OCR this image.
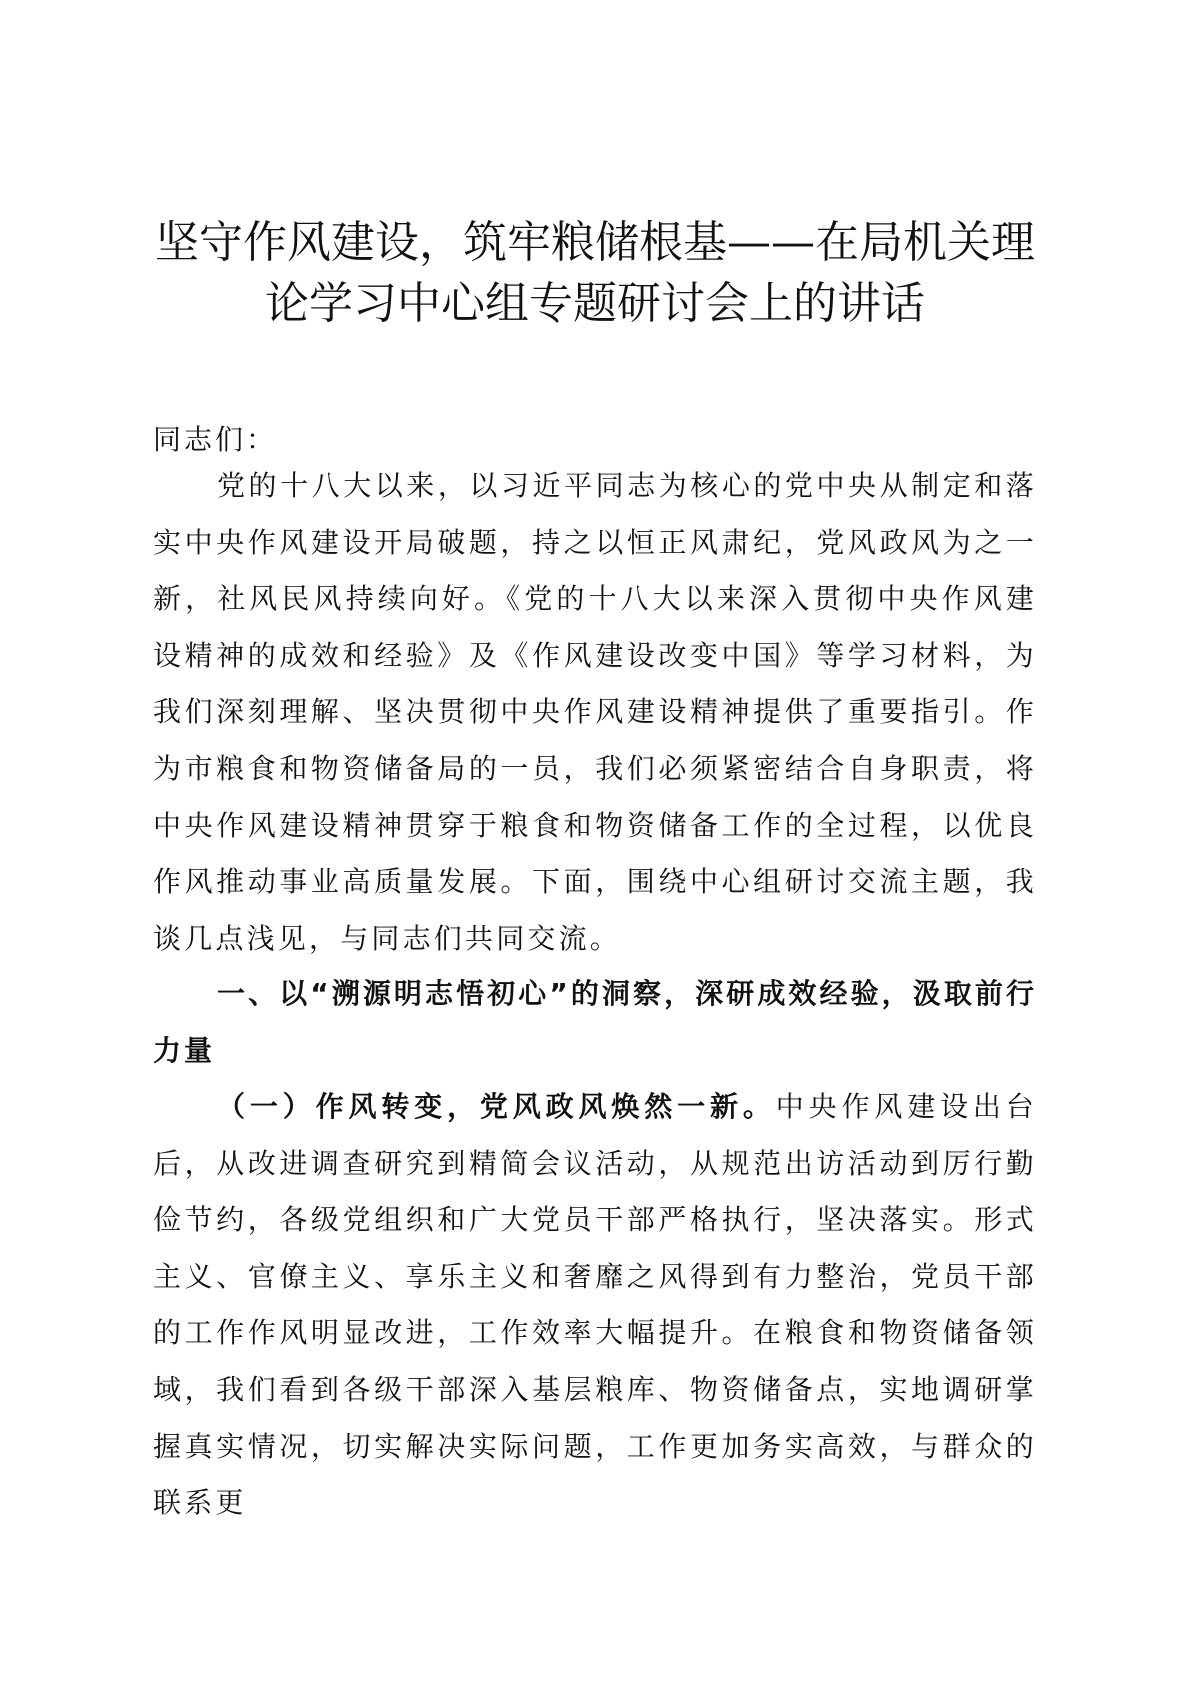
坚守作风建设，筑牢粮储根基——在局机关理论学习中心组专题研讨会上的讲话

同志们：

党的十八大以来，以习近平同志为核心的党中央从制定和落实中央作风建设开局破题，持之以恒正风肃纪，党风政风为之一新，社风民风持续向好。《党的十八大以来深入贯彻中央作风建设精神的成效和经验》及《作风建设改变中国》等学习材料，为我们深刻理解、坚决贯彻中央作风建设精神提供了重要指引。作为市粮食和物资储备局的一员，我们必须紧密结合自身职责，将中央作风建设精神贯穿于粮食和物资储备工作的全过程，以优良作风推动事业高质量发展。下面，围绕中心组研讨交流主题，我谈几点浅见，与同志们共同交流。

一、以“溯源明志悟初心”的洞察，深研成效经验，汲取前行力量

（一）作风转变，党风政风焕然一新。中央作风建设出台后，从改进调查研究到精简会议活动，从规范出访活动到厉行勤俭节约，各级党组织和广大党员干部严格执行，坚决落实。形式主义、官僚主义、享乐主义和奢靡之风得到有力整治，党员干部的工作作风明显改进，工作效率大幅提升。在粮食和物资储备领域，我们看到各级干部深入基层粮库、物资储备点，实地调研掌握真实情况，切实解决实际问题，工作更加务实高效，与群众的联系更
